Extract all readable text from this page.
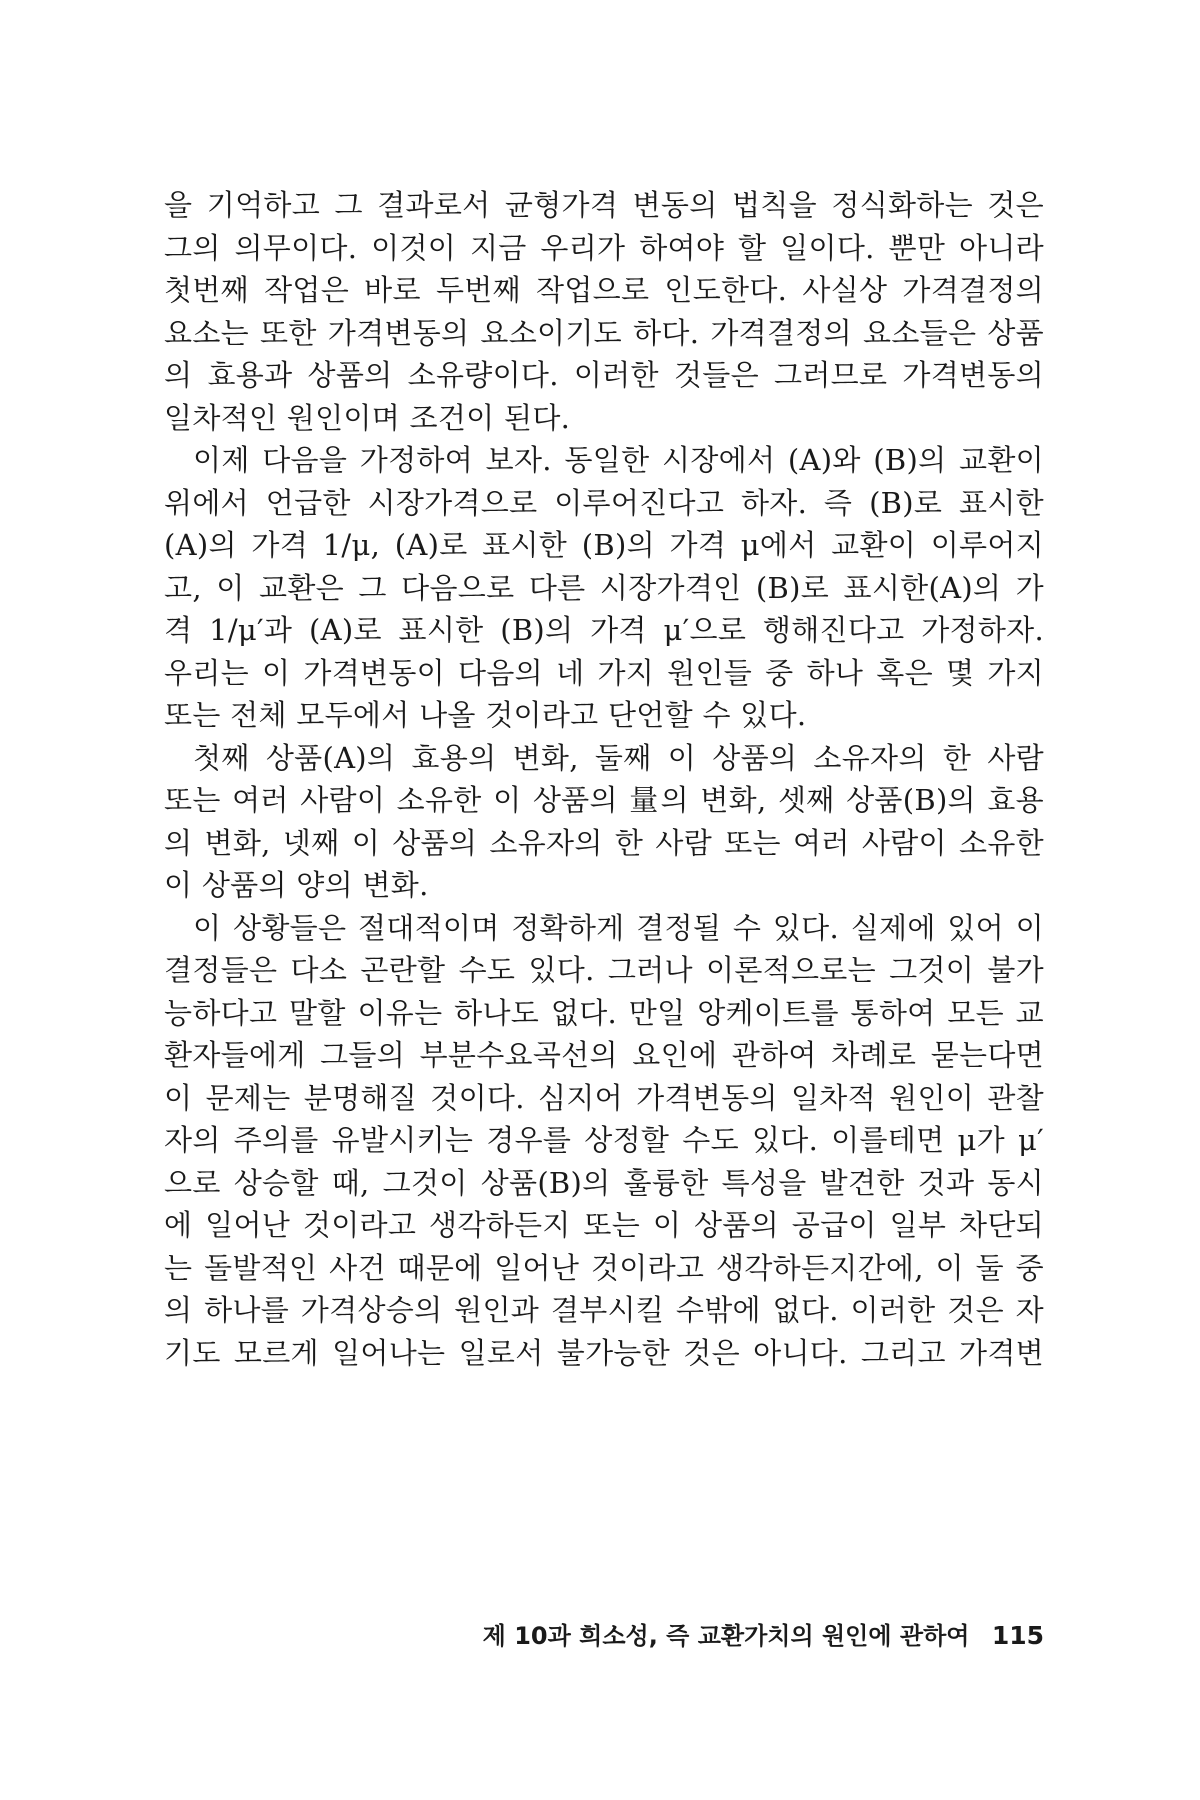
을 기억하고 그 결과로서 균형가격 변동의 법칙을 정식화하는 것은
그의 의무이다. 이것이 지금 우리가 하여야 할 일이다. 뿐만 아니라
첫번째 작업은 바로 두번째 작업으로 인도한다. 사실상 가격결정의
요소는 또한 가격변동의 요소이기도 하다. 가격결정의 요소들은 상품
의 효용과 상품의 소유량이다. 이러한 것들은 그러므로 가격변동의
일차적인 원인이며 조건이 된다.
이제 다음을 가정하여 보자. 동일한 시장에서 (A)와 (B)의 교환이
위에서 언급한 시장가격으로 이루어진다고 하자. 즉 (B)로 표시한
(A)의 가격 1/μ, (A)로 표시한 (B)의 가격 μ에서 교환이 이루어지
고, 이 교환은 그 다음으로 다른 시장가격인 (B)로 표시한(A)의 가
격 1/μ′과 (A)로 표시한 (B)의 가격 μ′으로 행해진다고 가정하자.
우리는 이 가격변동이 다음의 네 가지 원인들 중 하나 혹은 몇 가지
또는 전체 모두에서 나올 것이라고 단언할 수 있다.
첫째 상품(A)의 효용의 변화, 둘째 이 상품의 소유자의 한 사람
또는 여러 사람이 소유한 이 상품의 量의 변화, 셋째 상품(B)의 효용
의 변화, 넷째 이 상품의 소유자의 한 사람 또는 여러 사람이 소유한
이 상품의 양의 변화.
이 상황들은 절대적이며 정확하게 결정될 수 있다. 실제에 있어 이
결정들은 다소 곤란할 수도 있다. 그러나 이론적으로는 그것이 불가
능하다고 말할 이유는 하나도 없다. 만일 앙케이트를 통하여 모든 교
환자들에게 그들의 부분수요곡선의 요인에 관하여 차례로 묻는다면
이 문제는 분명해질 것이다. 심지어 가격변동의 일차적 원인이 관찰
자의 주의를 유발시키는 경우를 상정할 수도 있다. 이를테면 μ가 μ′
으로 상승할 때, 그것이 상품(B)의 훌륭한 특성을 발견한 것과 동시
에 일어난 것이라고 생각하든지 또는 이 상품의 공급이 일부 차단되
는 돌발적인 사건 때문에 일어난 것이라고 생각하든지간에, 이 둘 중
의 하나를 가격상승의 원인과 결부시킬 수밖에 없다. 이러한 것은 자
기도 모르게 일어나는 일로서 불가능한 것은 아니다. 그리고 가격변
제 10과 희소성, 즉 교환가치의 원인에 관하여 115
